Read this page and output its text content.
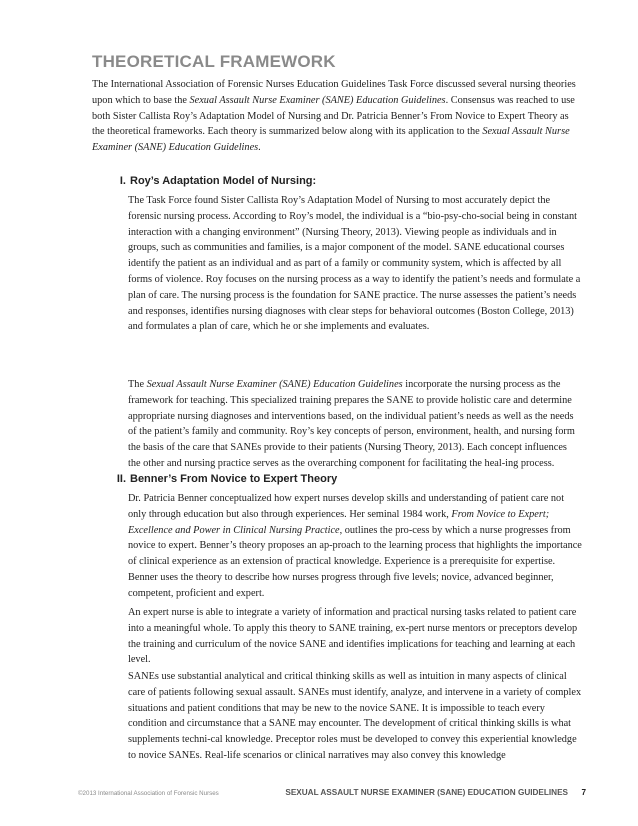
THEORETICAL FRAMEWORK

The International Association of Forensic Nurses Education Guidelines Task Force discussed several nursing theories upon which to base the Sexual Assault Nurse Examiner (SANE) Education Guidelines. Consensus was reached to use both Sister Callista Roy’s Adaptation Model of Nursing and Dr. Patricia Benner’s From Novice to Expert Theory as the theoretical frameworks. Each theory is summarized below along with its application to the Sexual Assault Nurse Examiner (SANE) Education Guidelines.

I. Roy’s Adaptation Model of Nursing:

The Task Force found Sister Callista Roy’s Adaptation Model of Nursing to most accurately depict the forensic nursing process. According to Roy’s model, the individual is a “bio-psy-cho-social being in constant interaction with a changing environment” (Nursing Theory, 2013). Viewing people as individuals and in groups, such as communities and families, is a major component of the model. SANE educational courses identify the patient as an individual and as part of a family or community system, which is affected by all forms of violence. Roy focuses on the nursing process as a way to identify the patient’s needs and formulate a plan of care. The nursing process is the foundation for SANE practice. The nurse assesses the patient’s needs and responses, identifies nursing diagnoses with clear steps for behavioral outcomes (Boston College, 2013) and formulates a plan of care, which he or she implements and evaluates.

The Sexual Assault Nurse Examiner (SANE) Education Guidelines incorporate the nursing process as the framework for teaching. This specialized training prepares the SANE to provide holistic care and determine appropriate nursing diagnoses and interventions based, on the individual patient’s needs as well as the needs of the patient’s family and community. Roy’s key concepts of person, environment, health, and nursing form the basis of the care that SANEs provide to their patients (Nursing Theory, 2013). Each concept influences the other and nursing practice serves as the overarching component for facilitating the heal-ing process.

II. Benner’s From Novice to Expert Theory

Dr. Patricia Benner conceptualized how expert nurses develop skills and understanding of patient care not only through education but also through experiences. Her seminal 1984 work, From Novice to Expert; Excellence and Power in Clinical Nursing Practice, outlines the pro-cess by which a nurse progresses from novice to expert. Benner’s theory proposes an ap-proach to the learning process that highlights the importance of clinical experience as an extension of practical knowledge. Experience is a prerequisite for expertise. Benner uses the theory to describe how nurses progress through five levels; novice, advanced beginner, competent, proficient and expert.

An expert nurse is able to integrate a variety of information and practical nursing tasks related to patient care into a meaningful whole. To apply this theory to SANE training, ex-pert nurse mentors or preceptors develop the training and curriculum of the novice SANE and identifies implications for teaching and learning at each level.

SANEs use substantial analytical and critical thinking skills as well as intuition in many aspects of clinical care of patients following sexual assault. SANEs must identify, analyze, and intervene in a variety of complex situations and patient conditions that may be new to the novice SANE. It is impossible to teach every condition and circumstance that a SANE may encounter. The development of critical thinking skills is what supplements techni-cal knowledge. Preceptor roles must be developed to convey this experiential knowledge to novice SANEs. Real-life scenarios or clinical narratives may also convey this knowledge

©2013 International Association of Forensic Nurses	SEXUAL ASSAULT NURSE EXAMINER (SANE) EDUCATION GUIDELINES 7
